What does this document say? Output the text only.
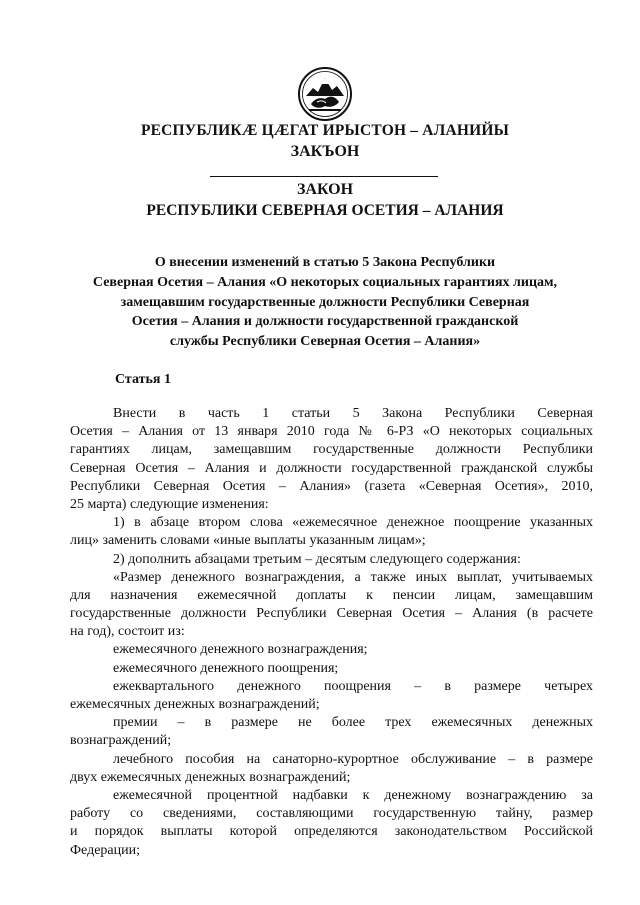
РЕСПУБЛИКӔ ЦӔГАТ ИРЫСТОН – АЛАНИЙЫ
ЗАКЪОН
ЗАКОН
РЕСПУБЛИКИ СЕВЕРНАЯ ОСЕТИЯ – АЛАНИЯ
О внесении изменений в статью 5 Закона Республики
Северная Осетия – Алания «О некоторых социальных гарантиях лицам,
замещавшим государственные должности Республики Северная
Осетия – Алания и должности государственной гражданской
службы Республики Северная Осетия – Алания»
Статья 1
Внести в часть 1 статьи 5 Закона Республики Северная
Осетия – Алания от 13 января 2010 года № 6-РЗ «О некоторых социальных
гарантиях лицам, замещавшим государственные должности Республики
Северная Осетия – Алания и должности государственной гражданской службы
Республики Северная Осетия – Алания» (газета «Северная Осетия», 2010,
25 марта) следующие изменения:
1) в абзаце втором слова «ежемесячное денежное поощрение указанных
лиц» заменить словами «иные выплаты указанным лицам»;
2) дополнить абзацами третьим – десятым следующего содержания:
«Размер денежного вознаграждения, а также иных выплат, учитываемых
для назначения ежемесячной доплаты к пенсии лицам, замещавшим
государственные должности Республики Северная Осетия – Алания (в расчете
на год), состоит из:
ежемесячного денежного вознаграждения;
ежемесячного денежного поощрения;
ежеквартального денежного поощрения – в размере четырех
ежемесячных денежных вознаграждений;
премии – в размере не более трех ежемесячных денежных
вознаграждений;
лечебного пособия на санаторно-курортное обслуживание – в размере
двух ежемесячных денежных вознаграждений;
ежемесячной процентной надбавки к денежному вознаграждению за
работу со сведениями, составляющими государственную тайну, размер
и порядок выплаты которой определяются законодательством Российской
Федерации;
